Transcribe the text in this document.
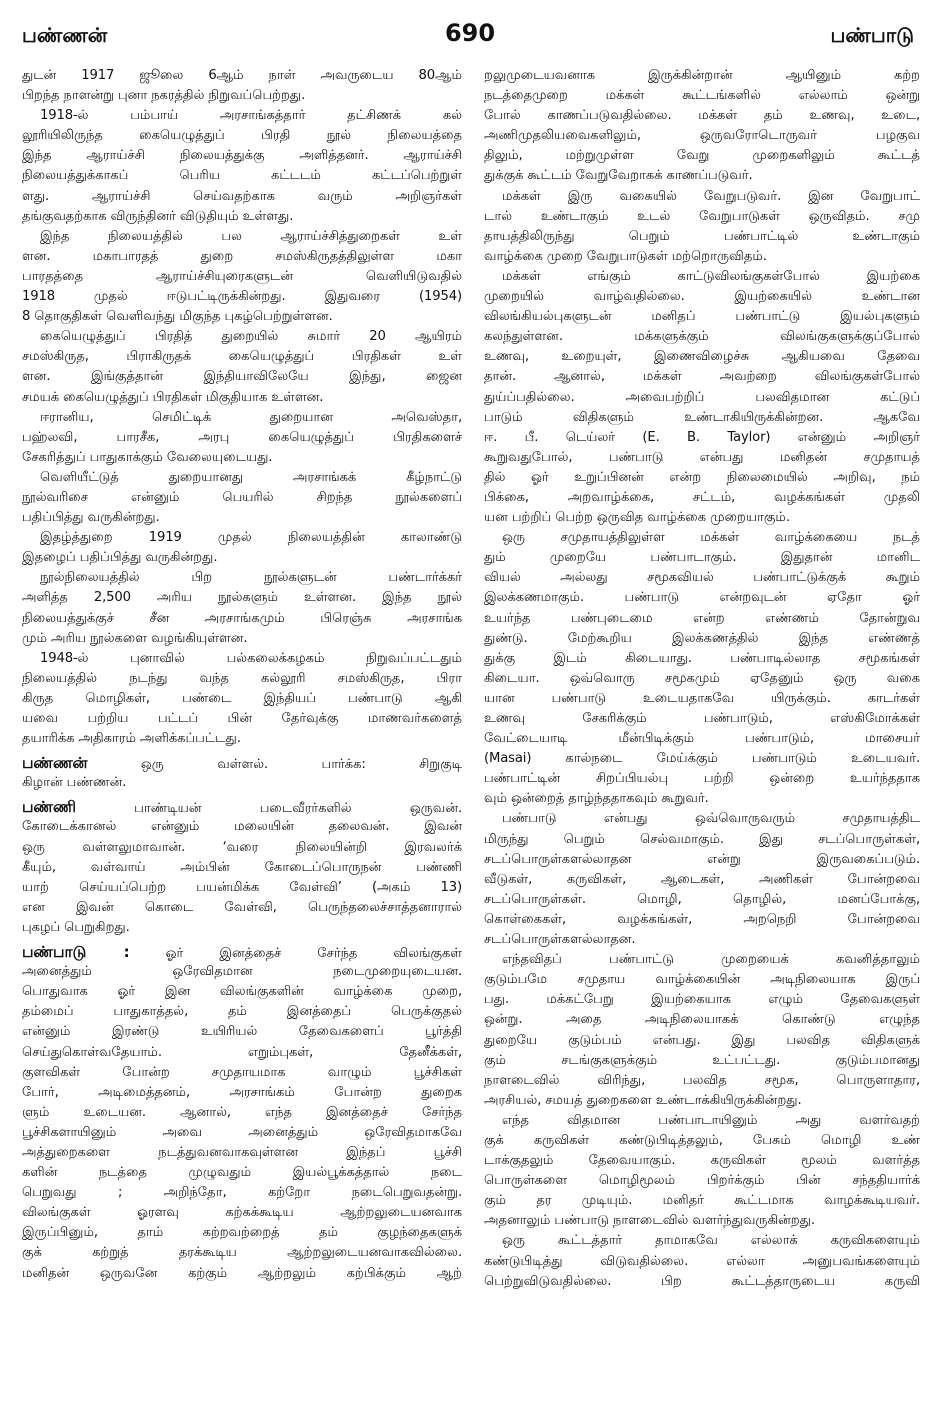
பண்ணன்	690	பண்பாடு
துடன் 1917 ஜூலை 6ஆம் நாள் அவருடைய 80ஆம்
பிறந்த நாளன்று புனா நகரத்தில் நிறுவப்பெற்றது.
1918-ல் பம்பாய் அரசாங்கத்தார் தட்சிணக் கல்
லூரியிலிருந்த கையெழுத்துப் பிரதி நூல் நிலையத்தை
இந்த ஆராய்ச்சி நிலையத்துக்கு அளித்தனர். ஆராய்ச்சி
நிலையத்துக்காகப் பெரிய கட்டடம் கட்டப்பெற்றுள்
ளது. ஆராய்ச்சி செய்வதற்காக வரும் அறிஞர்கள்
தங்குவதற்காக விருந்தினர் விடுதியும் உள்ளது.
இந்த நிலையத்தில் பல ஆராய்ச்சித்துறைகள் உள்
ளன. மகாபாரதத் துறை சமஸ்கிருதத்திலுள்ள மகா
பாரதத்தை ஆராய்ச்சியுரைகளுடன் வெளியிடுவதில்
1918 முதல் ஈடுபட்டிருக்கின்றது. இதுவரை (1954)
8 தொகுதிகள் வெளிவந்து மிகுந்த புகழ்பெற்றுள்ளன.
கையெழுத்துப் பிரதித் துறையில் சுமார் 20 ஆயிரம்
சமஸ்கிருத, பிராகிருதக் கையெழுத்துப் பிரதிகள் உள்
ளன. இங்குத்தான் இந்தியாவிலேயே இந்து, ஜைன
சமயக் கையெழுத்துப் பிரதிகள் மிகுதியாக உள்ளன.
ஈரானிய, செமிட்டிக் துறையான அவெஸ்தா,
பஹ்லவி, பாரசீக, அரபு கையெழுத்துப் பிரதிகளைச்
சேகரித்துப் பாதுகாக்கும் வேலையுடையது.
வெளியீட்டுத் துறையானது அரசாங்கக் கீழ்நாட்டு
நூல்வரிசை என்னும் பெயரில் சிறந்த நூல்களைப்
பதிப்பித்து வருகின்றது.
இதழ்த்துறை 1919 முதல் நிலையத்தின் காலாண்டு
இதழைப் பதிப்பித்து வருகின்றது.
நூல்நிலையத்தில் பிற நூல்களுடன் பண்டார்க்கர்
அளித்த 2,500 அரிய நூல்களும் உள்ளன. இந்த நூல்
நிலையத்துக்குச் சீன அரசாங்கமும் பிரெஞ்சு அரசாங்க
மும் அரிய நூல்களை வழங்கியுள்ளன.
1948-ல் புனாவில் பல்கலைக்கழகம் நிறுவப்பட்டதும்
நிலையத்தில் நடந்து வந்த கல்லூரி சமஸ்கிருத, பிரா
கிருத மொழிகள், பண்டை இந்தியப் பண்பாடு ஆகி
யவை பற்றிய பட்டப் பின் தேர்வுக்கு மாணவர்களைத்
தயாரிக்க அதிகாரம் அளிக்கப்பட்டது.
பண்ணன் ஒரு வள்ளல். பார்க்க: சிறுகுடி
கிழான் பண்ணன்.
பண்ணி பாண்டியன் படைவீரர்களில் ஒருவன்.
கோடைக்கானல் என்னும் மலையின் தலைவன். இவன்
ஒரு வள்ளலுமாவான். ‘வரை நிலையின்றி இரவலர்க்
கீயும், வள்வாய் அம்பின் கோடைப்பொருநன் பண்ணி
யாற் செய்யப்பெற்ற பயன்மிக்க வேள்வி’ (அகம் 13)
என இவன் கொடை வேள்வி, பெருந்தலைச்சாத்தனாரால்
புகழப் பெறுகிறது.
பண்பாடு : ஓர் இனத்தைச் சேர்ந்த விலங்குகள்
அனைத்தும் ஒரேவிதமான நடைமுறையுடையன.
பொதுவாக ஓர் இன விலங்குகளின் வாழ்க்கை முறை,
தம்மைப் பாதுகாத்தல், தம் இனத்தைப் பெருக்குதல்
என்னும் இரண்டு உயிரியல் தேவைகளைப் பூர்த்தி
செய்துகொள்வதேயாம். எறும்புகள், தேனீக்கள்,
குளவிகள் போன்ற சமுதாயமாக வாழும் பூச்சிகள்
போர், அடிமைத்தனம், அரசாங்கம் போன்ற துறைக
ளும் உடையன. ஆனால், எந்த இனத்தைச் சேர்ந்த
பூச்சிகளாயினும் அவை அனைத்தும் ஒரேவிதமாகவே
அத்துறைகளை நடத்துவனவாகவுள்ளன இந்தப் பூச்சி
களின் நடத்தை முழுவதும் இயல்பூக்கத்தால் நடை
பெறுவது ; அறிந்தோ, கற்றோ நடைபெறுவதன்று.
விலங்குகள் ஓரளவு கற்கக்கூடிய ஆற்றலுடையனவாக
இருப்பினும், தாம் கற்றவற்றைத் தம் குழந்தைகளுக்
குக் கற்றுத் தரக்கூடிய ஆற்றலுடையனவாகவில்லை.
மனிதன் ஒருவனே கற்கும் ஆற்றலும் கற்பிக்கும் ஆற்
றலுமுடையவனாக இருக்கின்றான் ஆயினும் கற்ற
நடத்தைமுறை மக்கள் கூட்டங்களில் எல்லாம் ஒன்று
போல் காணப்படுவதில்லை. மக்கள் தம் உணவு, உடை,
அணிமுதலியவைகளிலும், ஒருவரோடொருவர் பழகுவ
திலும், மற்றுமுள்ள வேறு முறைகளிலும் கூட்டத்
துக்குக் கூட்டம் வேறுவேறாகக் காணப்படுவர்.
மக்கள் இரு வகையில் வேறுபடுவர். இன வேறுபாட்
டால் உண்டாகும் உடல் வேறுபாடுகள் ஒருவிதம். சமு
தாயத்திலிருந்து பெறும் பண்பாட்டில் உண்டாகும்
வாழ்க்கை முறை வேறுபாடுகள் மற்றொருவிதம்.
மக்கள் எங்கும் காட்டுவிலங்குகள்போல் இயற்கை
முறையில் வாழ்வதில்லை. இயற்கையில் உண்டான
விலங்கியல்புகளுடன் மனிதப் பண்பாட்டு இயல்புகளும்
கலந்துள்ளன. மக்களுக்கும் விலங்குகளுக்குப்போல்
உணவு, உறையுள், இணைவிழைச்சு ஆகியவை தேவை
தான். ஆனால், மக்கள் அவற்றை விலங்குகள்போல்
துய்ப்பதில்லை. அவைபற்றிப் பலவிதமான கட்டுப்
பாடும் விதிகளும் உண்டாகியிருக்கின்றன. ஆகவே
ஈ. பீ. டெய்லர் (E. B. Taylor) என்னும் அறிஞர்
கூறுவதுபோல், பண்பாடு என்பது மனிதன் சமுதாயத்
தில் ஓர் உறுப்பினன் என்ற நிலைமையில் அறிவு, நம்
பிக்கை, அறவாழ்க்கை, சட்டம், வழக்கங்கள் முதலி
யன பற்றிப் பெற்ற ஒருவித வாழ்க்கை முறையாகும்.
ஒரு சமுதாயத்திலுள்ள மக்கள் வாழ்க்கையை நடத்
தும் முறையே பண்பாடாகும். இதுதான் மானிட
வியல் அல்லது சமூகவியல் பண்பாட்டுக்குக் கூறும்
இலக்கணமாகும். பண்பாடு என்றவுடன் ஏதோ ஓர்
உயர்ந்த பண்புடைமை என்ற எண்ணம் தோன்றுவ
துண்டு. மேற்கூறிய இலக்கணத்தில் இந்த எண்ணத்
துக்கு இடம் கிடையாது. பண்பாடில்லாத சமூகங்கள்
கிடையா. ஒவ்வொரு சமூகமும் ஏதேனும் ஒரு வகை
யான பண்பாடு உடையதாகவே யிருக்கும். காடர்கள்
உணவு சேகரிக்கும் பண்பாடும், எஸ்கிமோக்கள்
வேட்டையாடி மீன்பிடிக்கும் பண்பாடும், மாசையர்
(Masai) கால்நடை மேய்க்கும் பண்பாடும் உடையவர்.
பண்பாட்டின் சிறப்பியல்பு பற்றி ஒன்றை உயர்ந்ததாக
வும் ஒன்றைத் தாழ்ந்ததாகவும் கூறுவர்.
பண்பாடு என்பது ஒவ்வொருவரும் சமுதாயத்திட
மிருந்து பெறும் செல்வமாகும். இது சடப்பொருள்கள்,
சடப்பொருள்களல்லாதன என்று இருவகைப்படும்.
வீடுகள், கருவிகள், ஆடைகள், அணிகள் போன்றவை
சடப்பொருள்கள். மொழி, தொழில், மனப்போக்கு,
கொள்கைகள், வழக்கங்கள், அறநெறி போன்றவை
சடப்பொருள்களல்லாதன.
எந்தவிதப் பண்பாட்டு முறையைக் கவனித்தாலும்
குடும்பமே சமுதாய வாழ்க்கையின் அடிநிலையாக இருப்
பது. மக்கட்பேறு இயற்கையாக எழும் தேவைகளுள்
ஒன்று. அதை அடிநிலையாகக் கொண்டு எழுந்த
துறையே குடும்பம் என்பது. இது பலவித விதிகளுக்
கும் சடங்குகளுக்கும் உட்பட்டது. குடும்பமானது
நாளடைவில் விரிந்து, பலவித சமூக, பொருளாதார,
அரசியல், சமயத் துறைகளை உண்டாக்கியிருக்கின்றது.
எந்த விதமான பண்பாடாயினும் அது வளர்வதற்
குக் கருவிகள் கண்டுபிடித்தலும், பேசும் மொழி உண்
டாக்குதலும் தேவையாகும். கருவிகள் மூலம் வளர்த்த
பொருள்களை மொழிமூலம் பிறர்க்கும் பின் சந்ததியார்க்
கும் தர முடியும். மனிதர் கூட்டமாக வாழக்கூடியவர்.
அதனாலும் பண்பாடு நாளடைவில் வளர்ந்துவருகின்றது.
ஒரு கூட்டத்தார் தாமாகவே எல்லாக் கருவிகளையும்
கண்டுபிடித்து விடுவதில்லை. எல்லா அனுபவங்களையும்
பெற்றுவிடுவதில்லை. பிற கூட்டத்தாருடைய கருவி
